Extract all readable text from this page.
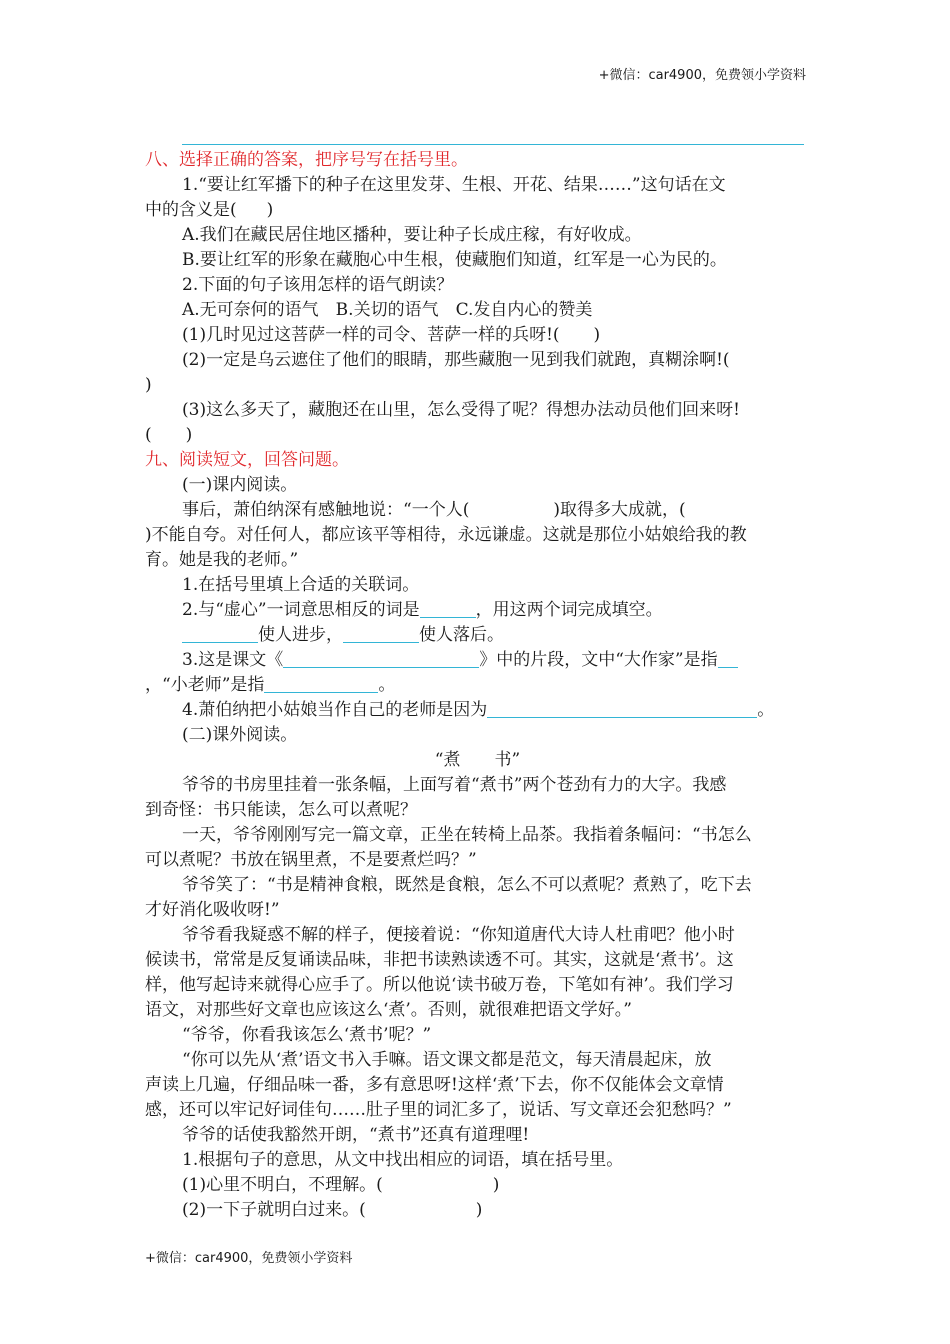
+微信：car4900，免费领小学资料
八、选择正确的答案，把序号写在括号里。
1.“要让红军播下的种子在这里发芽、生根、开花、结果……”这句话在文
中的含义是( )
A.我们在藏民居住地区播种，要让种子长成庄稼，有好收成。
B.要让红军的形象在藏胞心中生根，使藏胞们知道，红军是一心为民的。
2.下面的句子该用怎样的语气朗读？
A.无可奈何的语气　B.关切的语气　C.发自内心的赞美
(1)几时见过这菩萨一样的司令、菩萨一样的兵呀!( )
(2)一定是乌云遮住了他们的眼睛，那些藏胞一见到我们就跑，真糊涂啊!(
)
(3)这么多天了，藏胞还在山里，怎么受得了呢？得想办法动员他们回来呀!
( )
九、阅读短文，回答问题。
(一)课内阅读。
事后，萧伯纳深有感触地说：“一个人(	)取得多大成就，(
)不能自夸。对任何人，都应该平等相待，永远谦虚。这就是那位小姑娘给我的教
育。她是我的老师。”
1.在括号里填上合适的关联词。
2.与“虚心”一词意思相反的词是	，用这两个词完成填空。
使人进步，	使人落后。
3.这是课文《	》中的片段，文中“大作家”是指
，“小老师”是指	。
4.萧伯纳把小姑娘当作自己的老师是因为	。
(二)课外阅读。
“煮　　书”
爷爷的书房里挂着一张条幅，上面写着“煮书”两个苍劲有力的大字。我感
到奇怪：书只能读，怎么可以煮呢？
一天，爷爷刚刚写完一篇文章，正坐在转椅上品茶。我指着条幅问：“书怎么
可以煮呢？书放在锅里煮，不是要煮烂吗？”
爷爷笑了：“书是精神食粮，既然是食粮，怎么不可以煮呢？煮熟了，吃下去
才好消化吸收呀!”
爷爷看我疑惑不解的样子，便接着说：“你知道唐代大诗人杜甫吧？他小时
候读书，常常是反复诵读品味，非把书读熟读透不可。其实，这就是‘煮书’。这
样，他写起诗来就得心应手了。所以他说‘读书破万卷，下笔如有神’。我们学习
语文，对那些好文章也应该这么‘煮’。否则，就很难把语文学好。”
“爷爷，你看我该怎么‘煮书’呢？”
“你可以先从‘煮’语文书入手嘛。语文课文都是范文，每天清晨起床，放
声读上几遍，仔细品味一番，多有意思呀!这样‘煮’下去，你不仅能体会文章情
感，还可以牢记好词佳句……肚子里的词汇多了，说话、写文章还会犯愁吗？”
爷爷的话使我豁然开朗，“煮书”还真有道理哩!
1.根据句子的意思，从文中找出相应的词语，填在括号里。
(1)心里不明白，不理解。(	)
(2)一下子就明白过来。(	)
+微信：car4900，免费领小学资料
